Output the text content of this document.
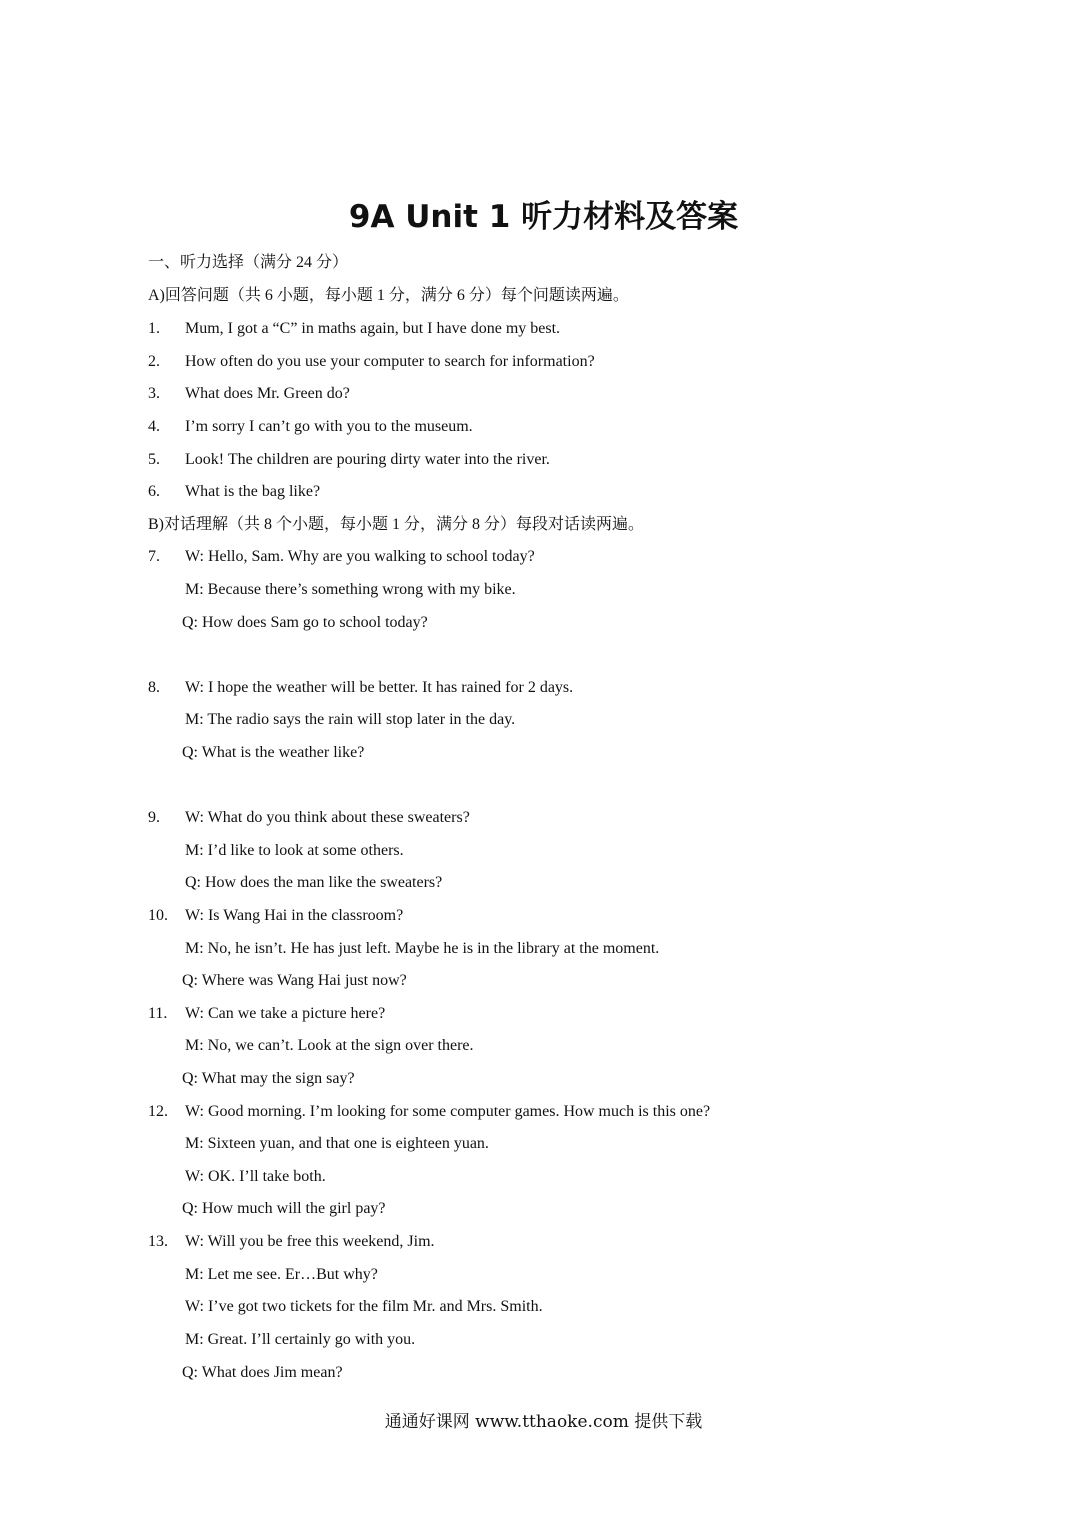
9A Unit 1 听力材料及答案
一、听力选择（满分 24 分）
A)回答问题（共 6 小题，每小题 1 分，满分 6 分）每个问题读两遍。
1. Mum, I got a “C” in maths again, but I have done my best.
2. How often do you use your computer to search for information?
3. What does Mr. Green do?
4. I’m sorry I can’t go with you to the museum.
5. Look! The children are pouring dirty water into the river.
6. What is the bag like?
B)对话理解（共 8 个小题，每小题 1 分，满分 8 分）每段对话读两遍。
7. W: Hello, Sam. Why are you walking to school today?
M: Because there’s something wrong with my bike.
Q: How does Sam go to school today?
8. W: I hope the weather will be better. It has rained for 2 days.
M: The radio says the rain will stop later in the day.
Q: What is the weather like?
9. W: What do you think about these sweaters?
M: I’d like to look at some others.
Q: How does the man like the sweaters?
10. W: Is Wang Hai in the classroom?
M: No, he isn’t. He has just left. Maybe he is in the library at the moment.
Q: Where was Wang Hai just now?
11. W: Can we take a picture here?
M: No, we can’t. Look at the sign over there.
Q: What may the sign say?
12. W: Good morning. I’m looking for some computer games. How much is this one?
M: Sixteen yuan, and that one is eighteen yuan.
W: OK. I’ll take both.
Q: How much will the girl pay?
13. W: Will you be free this weekend, Jim.
M: Let me see. Er…But why?
W: I’ve got two tickets for the film Mr. and Mrs. Smith.
M: Great. I’ll certainly go with you.
Q: What does Jim mean?
通通好课网 www.tthaoke.com 提供下载
